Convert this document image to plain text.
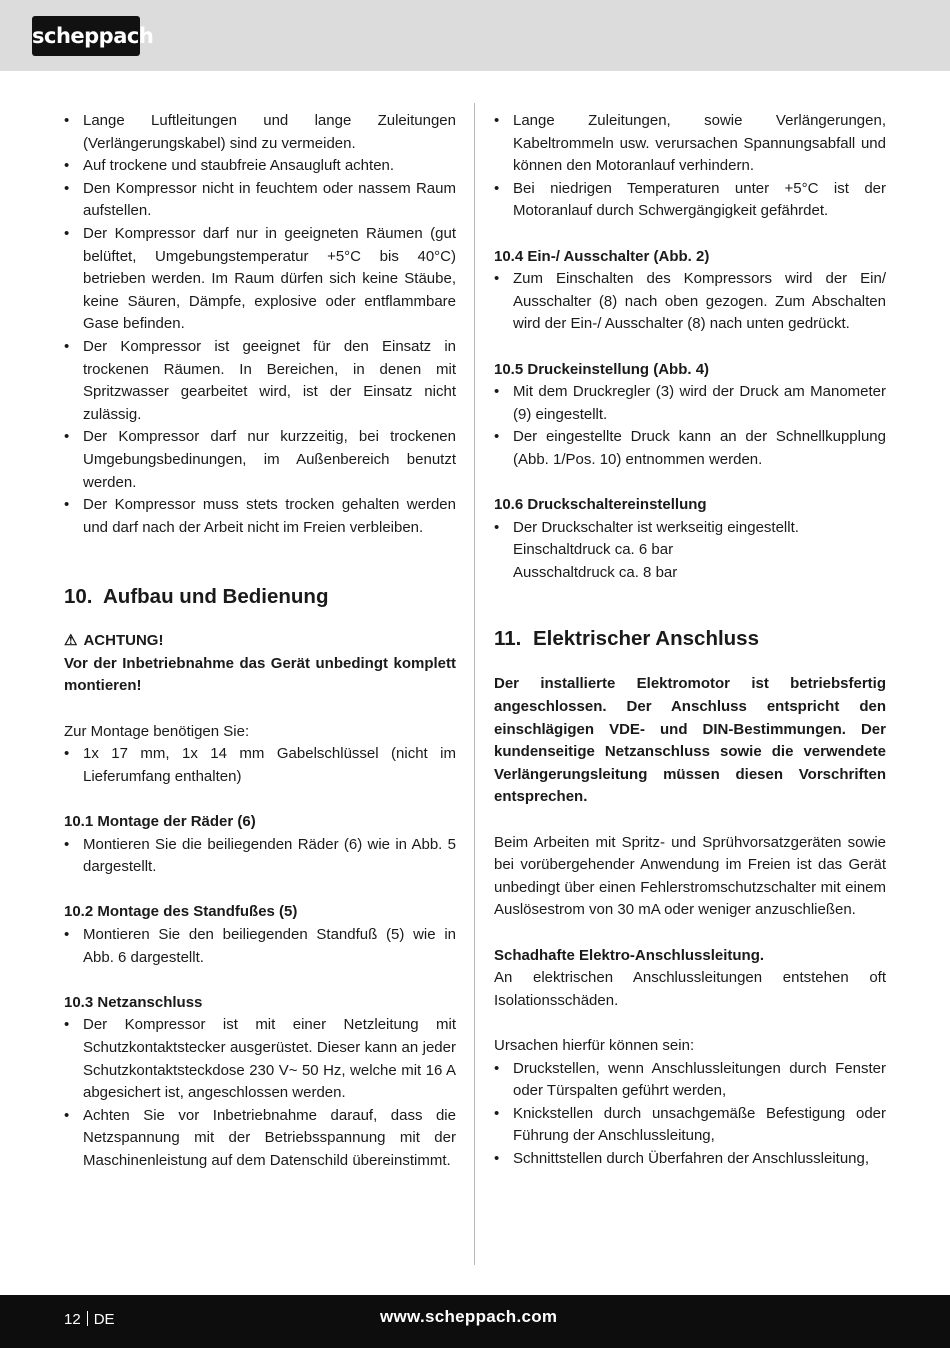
scheppach
• Lange Luftleitungen und lange Zuleitungen (Verlängerungskabel) sind zu vermeiden.
• Auf trockene und staubfreie Ansaugluft achten.
• Den Kompressor nicht in feuchtem oder nassem Raum aufstellen.
• Der Kompressor darf nur in geeigneten Räumen (gut belüftet, Umgebungstemperatur +5°C bis 40°C) betrieben werden. Im Raum dürfen sich keine Stäube, keine Säuren, Dämpfe, explosive oder entflammbare Gase befinden.
• Der Kompressor ist geeignet für den Einsatz in trockenen Räumen. In Bereichen, in denen mit Spritzwasser gearbeitet wird, ist der Einsatz nicht zulässig.
• Der Kompressor darf nur kurzzeitig, bei trockenen Umgebungsbedinungen, im Außenbereich benutzt werden.
• Der Kompressor muss stets trocken gehalten werden und darf nach der Arbeit nicht im Freien verbleiben.
10. Aufbau und Bedienung

⚠ ACHTUNG!

Vor der Inbetriebnahme das Gerät unbedingt komplett montieren!

Zur Montage benötigen Sie:

• 1x 17 mm, 1x 14 mm Gabelschlüssel (nicht im Lieferumfang enthalten)

10.1 Montage der Räder (6)

• Montieren Sie die beiliegenden Räder (6) wie in Abb. 5 dargestellt.

10.2 Montage des Standfußes (5)

• Montieren Sie den beiliegenden Standfuß (5) wie in Abb. 6 dargestellt.

10.3 Netzanschluss

• Der Kompressor ist mit einer Netzleitung mit Schutzkontaktstecker ausgerüstet. Dieser kann an jeder Schutzkontaktsteckdose 230 V~ 50 Hz, welche mit 16 A abgesichert ist, angeschlossen werden.
• Achten Sie vor Inbetriebnahme darauf, dass die Netzspannung mit der Betriebsspannung mit der Maschinenleistung auf dem Datenschild übereinstimmt.
• Lange Zuleitungen, sowie Verlängerungen, Kabeltrommeln usw. verursachen Spannungsabfall und können den Motoranlauf verhindern.
• Bei niedrigen Temperaturen unter +5°C ist der Motoranlauf durch Schwergängigkeit gefährdet.

10.4 Ein-/ Ausschalter (Abb. 2)

• Zum Einschalten des Kompressors wird der Ein/ Ausschalter (8) nach oben gezogen. Zum Abschalten wird der Ein-/ Ausschalter (8) nach unten gedrückt.

10.5 Druckeinstellung (Abb. 4)

• Mit dem Druckregler (3) wird der Druck am Manometer (9) eingestellt.
• Der eingestellte Druck kann an der Schnellkupplung (Abb. 1/Pos. 10) entnommen werden.

10.6 Druckschaltereinstellung

• Der Druckschalter ist werkseitig eingestellt.

Einschaltdruck ca. 6 bar

Ausschaltdruck ca. 8 bar

11. Elektrischer Anschluss

Der installierte Elektromotor ist betriebsfertig angeschlossen. Der Anschluss entspricht den einschlägigen VDE- und DIN-Bestimmungen. Der kundenseitige Netzanschluss sowie die verwendete Verlängerungsleitung müssen diesen Vorschriften entsprechen.

Beim Arbeiten mit Spritz- und Sprühvorsatzgeräten sowie bei vorübergehender Anwendung im Freien ist das Gerät unbedingt über einen Fehlerstromschutzschalter mit einem Auslösestrom von 30 mA oder weniger anzuschließen.

Schadhafte Elektro-Anschlussleitung.

An elektrischen Anschlussleitungen entstehen oft Isolationsschäden.

Ursachen hierfür können sein:

• Druckstellen, wenn Anschlussleitungen durch Fenster oder Türspalten geführt werden,
• Knickstellen durch unsachgemäße Befestigung oder Führung der Anschlussleitung,
• Schnittstellen durch Überfahren der Anschlussleitung,
12 DE	www.scheppach.com
